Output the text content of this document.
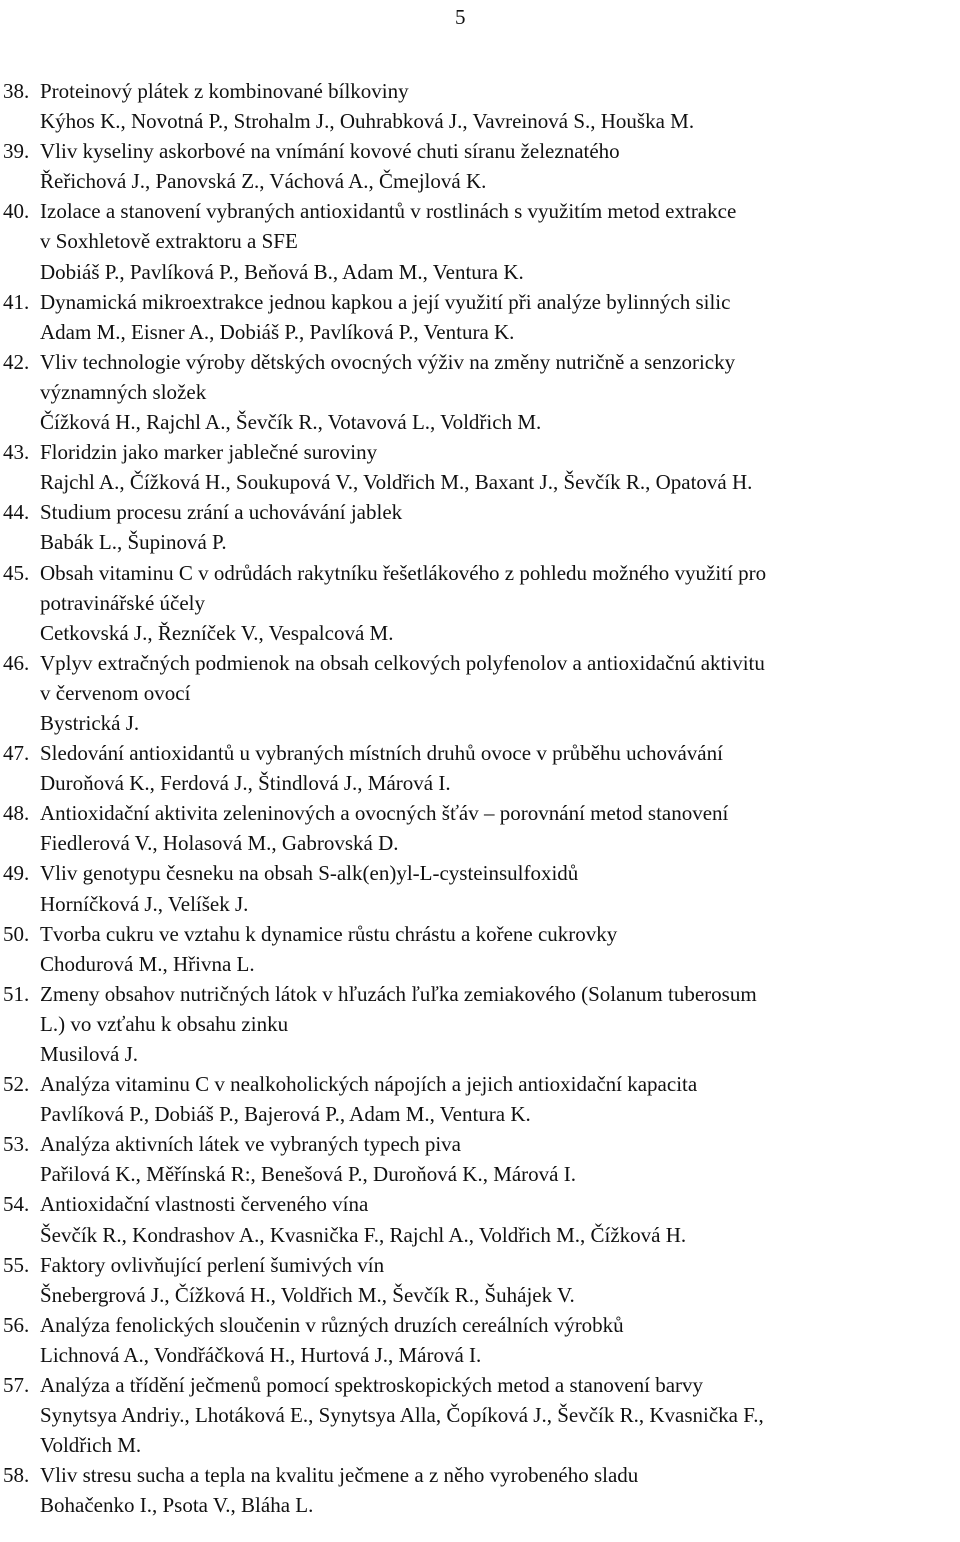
5
38. Proteinový plátek z kombinované bílkoviny
Kýhos K., Novotná P., Strohalm J., Ouhrabková J., Vavreinová S., Houška M.
39. Vliv kyseliny askorbové na vnímání kovové chuti síranu železnatého
Řeřichová J., Panovská Z., Váchová A., Čmejlová K.
40. Izolace a stanovení vybraných antioxidantů v rostlinách s využitím metod extrakce
v Soxhletově extraktoru a SFE
Dobiáš P., Pavlíková P., Beňová B., Adam M., Ventura K.
41. Dynamická mikroextrakce jednou kapkou a její využití při analýze bylinných silic
Adam M., Eisner A., Dobiáš P., Pavlíková P., Ventura K.
42. Vliv technologie výroby dětských ovocných výživ na změny nutričně a senzoricky
významných složek
Čížková H., Rajchl A., Ševčík R., Votavová L., Voldřich M.
43. Floridzin jako marker jablečné suroviny
Rajchl A., Čížková H., Soukupová V., Voldřich M., Baxant J., Ševčík R., Opatová H.
44. Studium procesu zrání a uchovávání jablek
Babák L., Šupinová P.
45. Obsah vitaminu C v odrůdách rakytníku řešetlákového z pohledu možného využití pro
potravinářské účely
Cetkovská J., Řezníček V., Vespalcová M.
46. Vplyv extračných podmienok na obsah celkových polyfenolov a antioxidačnú aktivitu
v červenom ovocí
Bystrická J.
47. Sledování antioxidantů u vybraných místních druhů ovoce v průběhu uchovávání
Duroňová K., Ferdová J., Štindlová J., Márová I.
48. Antioxidační aktivita zeleninových a ovocných šťáv – porovnání metod stanovení
Fiedlerová V., Holasová M., Gabrovská D.
49. Vliv genotypu česneku na obsah S-alk(en)yl-L-cysteinsulfoxidů
Horníčková J., Velíšek J.
50. Tvorba cukru ve vztahu k dynamice růstu chrástu a kořene cukrovky
Chodurová M., Hřivna L.
51. Zmeny obsahov nutričných látok v hľuzách ľuľka zemiakového (Solanum tuberosum
L.) vo vzťahu k obsahu zinku
Musilová J.
52. Analýza vitaminu C v nealkoholických nápojích a jejich antioxidační kapacita
Pavlíková P., Dobiáš P., Bajerová P., Adam M., Ventura K.
53. Analýza aktivních látek ve vybraných typech piva
Pařilová K., Měřínská R:, Benešová P., Duroňová K., Márová I.
54. Antioxidační vlastnosti červeného vína
Ševčík R., Kondrashov A., Kvasnička F., Rajchl A., Voldřich M., Čížková H.
55. Faktory ovlivňující perlení šumivých vín
Šnebergrová J., Čížková H., Voldřich M., Ševčík R., Šuhájek V.
56. Analýza fenolických sloučenin v různých druzích cereálních výrobků
Lichnová A., Vondřáčková H., Hurtová J., Márová I.
57. Analýza a třídění ječmenů pomocí spektroskopických metod a stanovení barvy
Synytsya Andriy., Lhotáková E., Synytsya Alla, Čopíková J., Ševčík R., Kvasnička F.,
Voldřich M.
58. Vliv stresu sucha a tepla na kvalitu ječmene a z něho vyrobeného sladu
Bohačenko I., Psota V., Bláha L.
